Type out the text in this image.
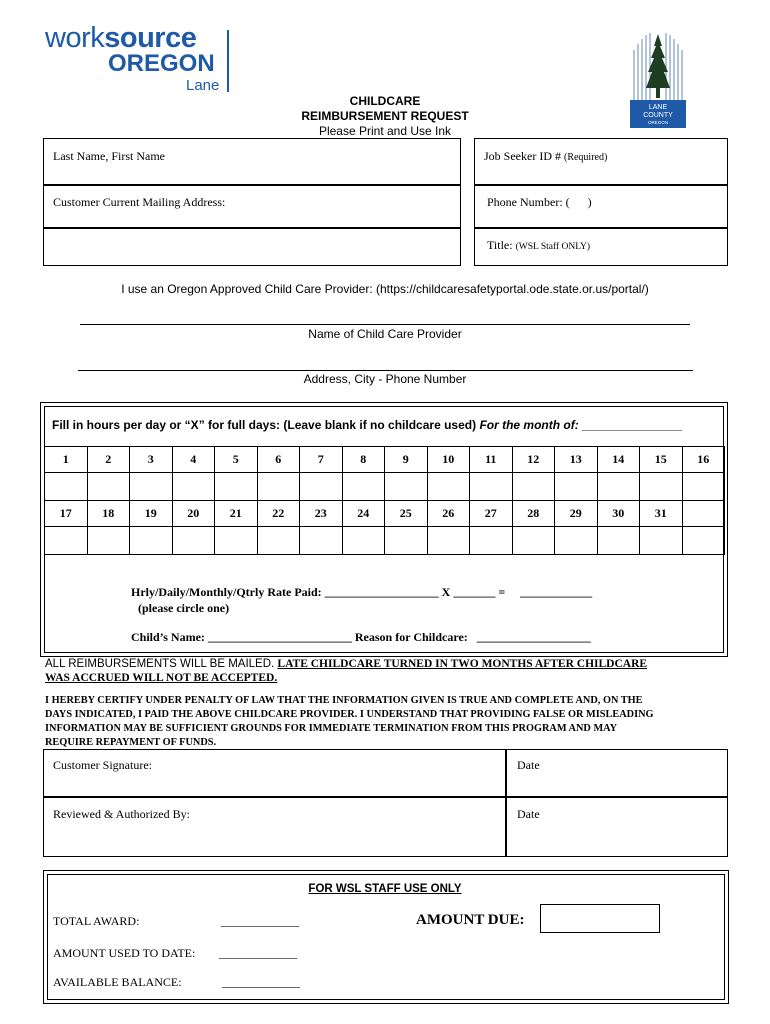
worksource
OREGON
Lane
LANE
COUNTY
OREGON
CHILDCARE
REIMBURSEMENT REQUEST
Please Print and Use Ink
Last Name, First Name
Customer Current Mailing Address:
Job Seeker ID # (Required)
Phone Number: (      )
Title: (WSL Staff ONLY)
I use an Oregon Approved Child Care Provider: (https://childcaresafetyportal.ode.state.or.us/portal/)
Name of Child Care Provider
Address, City - Phone Number
Fill in hours per day or “X” for full days: (Leave blank if no childcare used) For the month of: _______________
1	2	3	4	5	6	7	8	9	10	11	12	13	14	15	16

17	18	19	20	21	22	23	24	25	26	27	28	29	30	31	

Hrly/Daily/Monthly/Qtrly Rate Paid: ___________________ X _______ = ____________
(please circle one)
Child’s Name: ________________________ Reason for Childcare: ___________________
ALL REIMBURSEMENTS WILL BE MAILED. LATE CHILDCARE TURNED IN TWO MONTHS AFTER CHILDCARE
WAS ACCRUED WILL NOT BE ACCEPTED.
I HEREBY CERTIFY UNDER PENALTY OF LAW THAT THE INFORMATION GIVEN IS TRUE AND COMPLETE AND, ON THE
DAYS INDICATED, I PAID THE ABOVE CHILDCARE PROVIDER. I UNDERSTAND THAT PROVIDING FALSE OR MISLEADING
INFORMATION MAY BE SUFFICIENT GROUNDS FOR IMMEDIATE TERMINATION FROM THIS PROGRAM AND MAY
REQUIRE REPAYMENT OF FUNDS.
Customer Signature:	Date
Reviewed & Authorized By:	Date
FOR WSL STAFF USE ONLY
TOTAL AWARD:	_____________
AMOUNT USED TO DATE: _____________
AVAILABLE BALANCE:	_____________
AMOUNT DUE:
